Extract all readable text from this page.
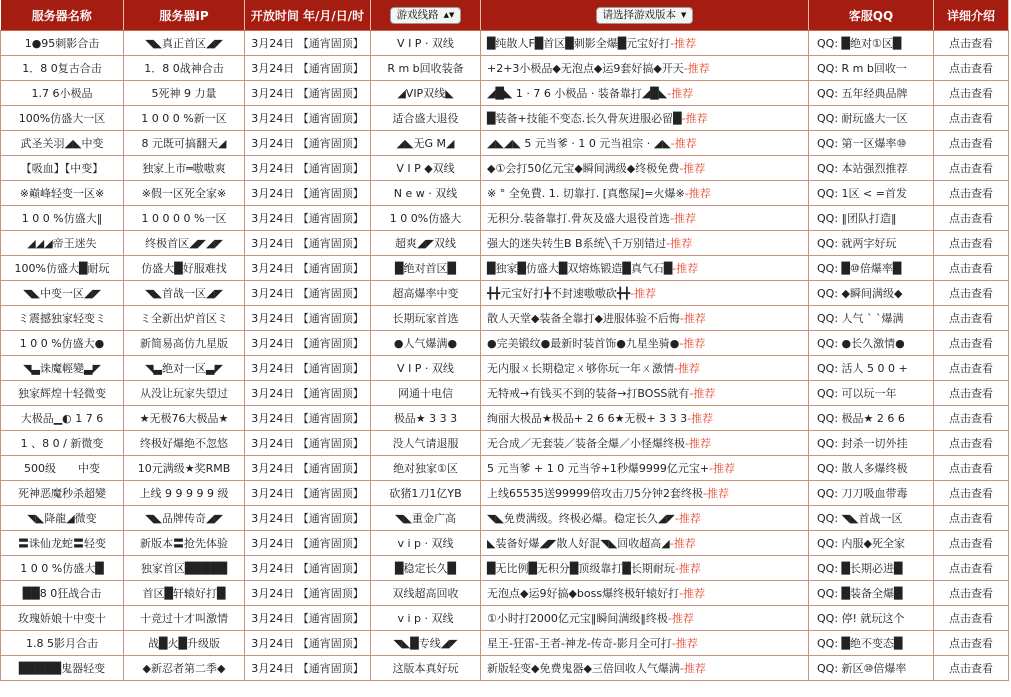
服务器名称	服务器IP	开放时间 年/月/日/时	游戏线路 ▲▼	请选择游戏版本 ▼	客服QQ	详细介绍
1●95刺影合击	◥◣真正首区◢◤	3月24日 【通宵固顶】	V I P · 双线	█纯散人F█首区█刺影全爆█元宝好打-推荐	QQ: █绝对①区█	点击查看
1．8 0复古合击	1．8 0战神合击	3月24日 【通宵固顶】	R m b回收装备	+2+3小极品◆无泡点◆运9套好搞◆开天-推荐	QQ: R m b回收一	点击查看
1.7 6小极品	5死神 9 力量	3月24日 【通宵固顶】	◢VIP双线◣	◢█◣ 1 · 7 6 小极品 · 装备靠打◢█◣-推荐	QQ: 五年经典品牌	点击查看
100%仿盛大一区	1 0 0 0 %新一区	3月24日 【通宵固顶】	适合盛大退役	█装备+技能不变态.长久骨灰进服必留█-推荐	QQ: 耐玩盛大一区	点击查看
武圣关羽◢◣中变	8 元既可搞翻天◢	3月24日 【通宵固顶】	◢◣无G M◢	◢◣◢◣ 5 元当爹 · 1 0 元当祖宗 · ◢◣-推荐	QQ: 第一区爆率⑩	点击查看
【吸血】【中变】	独家上市═嗷嗷爽	3月24日 【通宵固顶】	V I P ◆双线	◆①会打50亿元宝◆瞬间满级◆终极免费-推荐	QQ: 本站强烈推荐	点击查看
※巅峰轻变一区※	※假一区死全家※	3月24日 【通宵固顶】	N e w · 双线	※ ° 全免費. 1. 切靠打. [真憋屎]=火爆※-推荐	QQ: 1区 < =首发	点击查看
1 0 0 %仿盛大‖	1 0 0 0 0 %一区	3月24日 【通宵固顶】	1 0 0%仿盛大	无积分.装备靠打.骨灰及盛大退役首选-推荐	QQ: ‖团队打造‖	点击查看
◢◢◢帝王迷失	终极首区◢◤◢◤	3月24日 【通宵固顶】	超爽◢◤双线	强大的迷失转生B B系统╲千万别错过-推荐	QQ: 就两字好玩	点击查看
100%仿盛大█耐玩	仿盛大█好服难找	3月24日 【通宵固顶】	█绝对首区█	█独家█仿盛大█双熔炼锻造█真气石█-推荐	QQ: █⑩倍爆率█	点击查看
◥◣中变一区◢◤	◥◣首战一区◢◤	3月24日 【通宵固顶】	超高爆率中变	╋╋元宝好打╋不封速嗷嗷砍╋╋-推荐	QQ: ◆瞬间满级◆	点击查看
ミ震撼独家轻变ミ	ミ全新出炉首区ミ	3月24日 【通宵固顶】	长期玩家首选	散人天堂◆装备全靠打◆进服体验不后悔-推荐	QQ: 人气 ` `爆满	点击查看
1 0 0 %仿盛大●	新简易高仿九星版	3月24日 【通宵固顶】	●人气爆满●	●完美锻纹●最新时装首饰●九星坐骑●-推荐	QQ: ●长久激情●	点击查看
◥▃诛魔輕變▃◤	◥▃绝对一区▃◤	3月24日 【通宵固顶】	V I P · 双线	无内服ㄨ长期稳定ㄨ够你玩一年ㄨ激情-推荐	QQ: 活人 5 0 0 +	点击查看
独家辉煌十轻微变	从没让玩家失望过	3月24日 【通宵固顶】	网通十电信	无特戒→有钱买不到的装备→打BOSS就有-推荐	QQ: 可以玩一年	点击查看
大极品▁◐ 1 7 6	★无极76大极品★	3月24日 【通宵固顶】	极品★ 3 3 3	绚丽大极品★极品+ 2 6 6★无极+ 3 3 3-推荐	QQ: 极品★ 2 6 6	点击查看
1 、8 0 / 新微变	终极好爆绝不忽悠	3月24日 【通宵固顶】	没人气请退服	无合成／无套装／装备全爆／小怪爆终极-推荐	QQ: 封杀一切外挂	点击查看
500级　　中变	10元满级★奖RMB	3月24日 【通宵固顶】	绝对独家①区	5 元当爹 + 1 0 元当爷+1秒爆9999亿元宝+-推荐	QQ: 散人多爆终极	点击查看
死神恶魔秒杀超變	上线 9 9 9 9 9 级	3月24日 【通宵固顶】	砍猪1刀1亿YB	上线65535送99999倍攻击刀5分钟2套终极-推荐	QQ: 刀刀吸血带毒	点击查看
◥◣降龍◢微变	◥◣品牌传奇◢◤	3月24日 【通宵固顶】	◥◣重金广高	◥◣免费满级。终极必爆。稳定长久◢◤-推荐	QQ: ◥◣首战一区	点击查看
〓诛仙龙蛇〓轻变	新版本〓抢先体验	3月24日 【通宵固顶】	v i p · 双线	◣装备好爆◢◤散人好混◥◣回收超高◢-推荐	QQ: 内服◆死全家	点击查看
1 0 0 %仿盛大█	独家首区█████	3月24日 【通宵固顶】	█稳定长久█	█无比例█无积分█顶级靠打█长期耐玩-推荐	QQ: █长期必进█	点击查看
██8 0狂战合击	首区█轩辕好打█	3月24日 【通宵固顶】	双线超高回收	无泡点◆运9好搞◆boss爆终极轩辕好打-推荐	QQ: █装备全爆█	点击查看
玫瑰娇娘十中变十	十竞过十才叫激情	3月24日 【通宵固顶】	v i p · 双线	①小时打2000亿元宝‖瞬间满级‖终极-推荐	QQ: 停! 就玩这个	点击查看
1.8 5影月合击	战█火█升级版	3月24日 【通宵固顶】	◥◣█专线◢◤	星王-狂雷-王者-神龙-传奇-影月全可打-推荐	QQ: █绝不变态█	点击查看
█████鬼器轻变	◆新忍者第二季◆	3月24日 【通宵固顶】	这版本真好玩	新版轻变◆免费鬼器◆三倍回收人气爆满-推荐	QQ: 新区⑩倍爆率	点击查看
